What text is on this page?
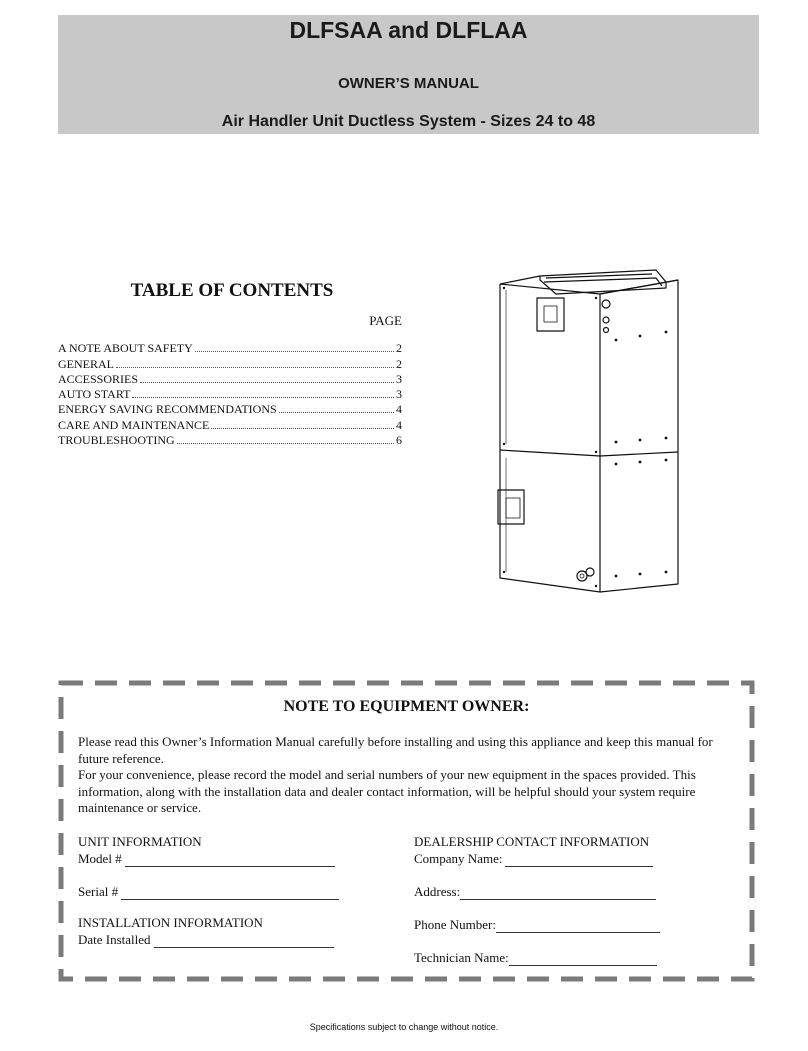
DLFSAA and DLFLAA
OWNER’S MANUAL
Air Handler Unit Ductless System - Sizes 24 to 48
TABLE OF CONTENTS
PAGE
A NOTE ABOUT SAFETY	2
GENERAL	2
ACCESSORIES	3
AUTO START	3
ENERGY SAVING RECOMMENDATIONS	4
CARE AND MAINTENANCE	4
TROUBLESHOOTING	6
NOTE TO EQUIPMENT OWNER:

Please read this Owner’s Information Manual carefully before installing and using this appliance and keep this manual for future reference.

For your convenience, please record the model and serial numbers of your new equipment in the spaces provided. This information, along with the installation data and dealer contact information, will be helpful should your system require maintenance or service.

UNIT INFORMATION
Model #
Serial #
INSTALLATION INFORMATION
Date Installed
DEALERSHIP CONTACT INFORMATION
Company Name:
Address:
Phone Number:
Technician Name:
Specifications subject to change without notice.
